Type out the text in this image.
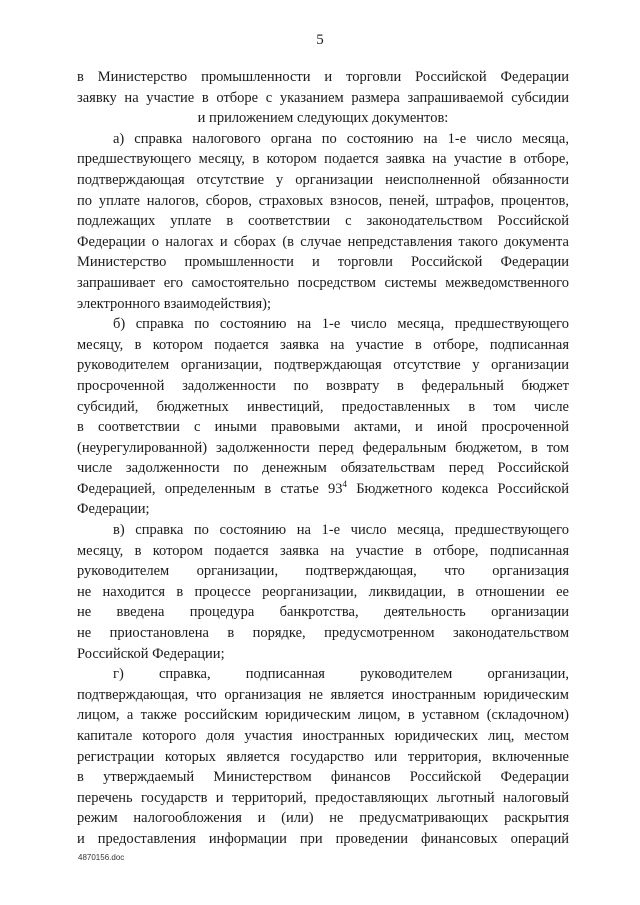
5
в Министерство промышленности и торговли Российской Федерации
заявку на участие в отборе с указанием размера запрашиваемой субсидии
и приложением следующих документов:
а) справка налогового органа по состоянию на 1-е число месяца,
предшествующего месяцу, в котором подается заявка на участие в отборе,
подтверждающая отсутствие у организации неисполненной обязанности
по уплате налогов, сборов, страховых взносов, пеней, штрафов, процентов,
подлежащих уплате в соответствии с законодательством Российской
Федерации о налогах и сборах (в случае непредставления такого документа
Министерство промышленности и торговли Российской Федерации
запрашивает его самостоятельно посредством системы межведомственного
электронного взаимодействия);
б) справка по состоянию на 1-е число месяца, предшествующего
месяцу, в котором подается заявка на участие в отборе, подписанная
руководителем организации, подтверждающая отсутствие у организации
просроченной задолженности по возврату в федеральный бюджет
субсидий, бюджетных инвестиций, предоставленных в том числе
в соответствии с иными правовыми актами, и иной просроченной
(неурегулированной) задолженности перед федеральным бюджетом, в том
числе задолженности по денежным обязательствам перед Российской
Федерацией, определенным в статье $93^4$ Бюджетного кодекса Российской
Федерации;
в) справка по состоянию на 1-е число месяца, предшествующего
месяцу, в котором подается заявка на участие в отборе, подписанная
руководителем организации, подтверждающая, что организация
не находится в процессе реорганизации, ликвидации, в отношении ее
не введена процедура банкротства, деятельность организации
не приостановлена в порядке, предусмотренном законодательством
Российской Федерации;
г) справка, подписанная руководителем организации,
подтверждающая, что организация не является иностранным юридическим
лицом, а также российским юридическим лицом, в уставном (складочном)
капитале которого доля участия иностранных юридических лиц, местом
регистрации которых является государство или территория, включенные
в утверждаемый Министерством финансов Российской Федерации
перечень государств и территорий, предоставляющих льготный налоговый
режим налогообложения и (или) не предусматривающих раскрытия
и предоставления информации при проведении финансовых операций
4870156.doc
